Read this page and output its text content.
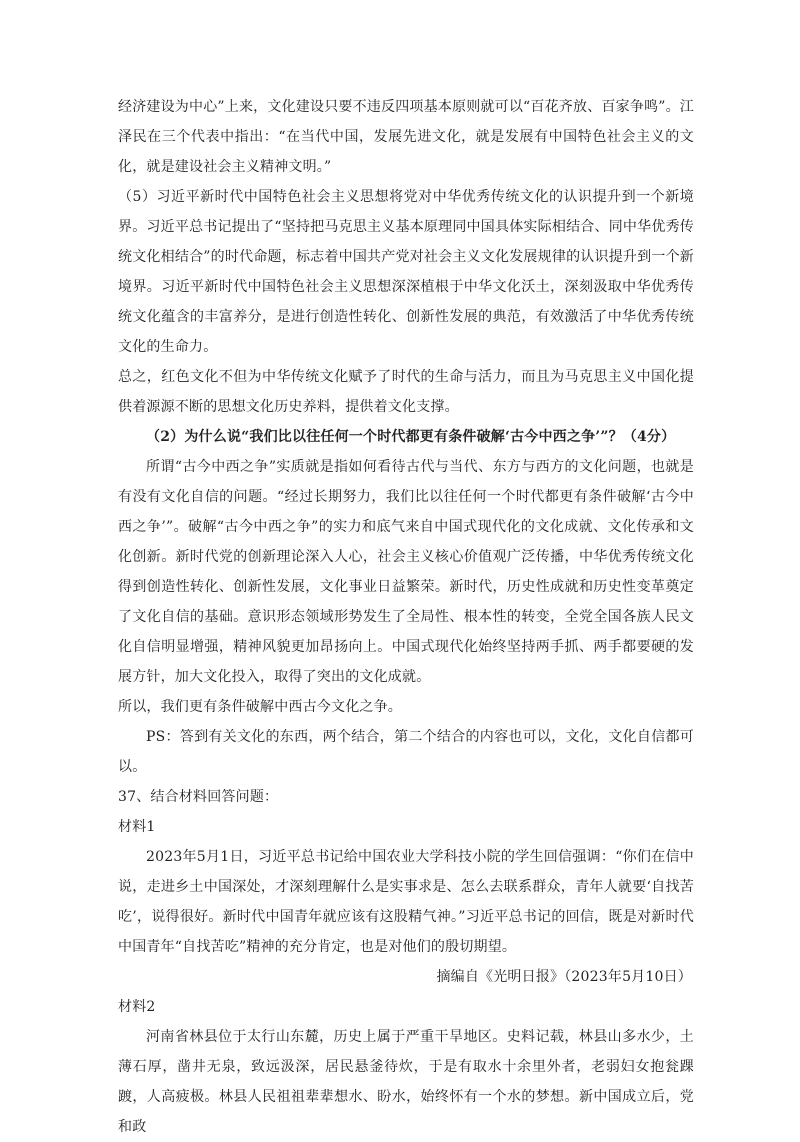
经济建设为中心”上来，文化建设只要不违反四项基本原则就可以“百花齐放、百家争鸣”。江泽民在三个代表中指出：“在当代中国，发展先进文化，就是发展有中国特色社会主义的文化，就是建设社会主义精神文明。”

（5）习近平新时代中国特色社会主义思想将党对中华优秀传统文化的认识提升到一个新境界。习近平总书记提出了“坚持把马克思主义基本原理同中国具体实际相结合、同中华优秀传统文化相结合”的时代命题，标志着中国共产党对社会主义文化发展规律的认识提升到一个新境界。习近平新时代中国特色社会主义思想深深植根于中华文化沃土，深刻汲取中华优秀传统文化蕴含的丰富养分，是进行创造性转化、创新性发展的典范，有效激活了中华优秀传统文化的生命力。

总之，红色文化不但为中华传统文化赋予了时代的生命与活力，而且为马克思主义中国化提供着源源不断的思想文化历史养料，提供着文化支撑。

（2）为什么说“我们比以往任何一个时代都更有条件破解‘古今中西之争’”？（4分）

所谓“古今中西之争”实质就是指如何看待古代与当代、东方与西方的文化问题，也就是有没有文化自信的问题。“经过长期努力，我们比以往任何一个时代都更有条件破解‘古今中西之争’”。破解“古今中西之争”的实力和底气来自中国式现代化的文化成就、文化传承和文化创新。新时代党的创新理论深入人心，社会主义核心价值观广泛传播，中华优秀传统文化得到创造性转化、创新性发展，文化事业日益繁荣。新时代，历史性成就和历史性变革奠定了文化自信的基础。意识形态领域形势发生了全局性、根本性的转变，全党全国各族人民文化自信明显增强，精神风貌更加昂扬向上。中国式现代化始终坚持两手抓、两手都要硬的发展方针，加大文化投入，取得了突出的文化成就。

所以，我们更有条件破解中西古今文化之争。

PS：答到有关文化的东西，两个结合，第二个结合的内容也可以，文化，文化自信都可以。

37、结合材料回答问题：

材料1

2023年5月1日，习近平总书记给中国农业大学科技小院的学生回信强调：“你们在信中说，走进乡土中国深处，才深刻理解什么是实事求是、怎么去联系群众，青年人就要‘自找苦吃’，说得很好。新时代中国青年就应该有这股精气神。”习近平总书记的回信，既是对新时代中国青年“自找苦吃”精神的充分肯定，也是对他们的殷切期望。

摘编自《光明日报》（2023年5月10日）

材料2

河南省林县位于太行山东麓，历史上属于严重干旱地区。史料记载，林县山多水少，土薄石厚，凿井无泉，致远汲深，居民悬釜待炊，于是有取水十余里外者，老弱妇女抱瓮踝踱，人高疲极。林县人民祖祖辈辈想水、盼水，始终怀有一个水的梦想。新中国成立后，党和政
